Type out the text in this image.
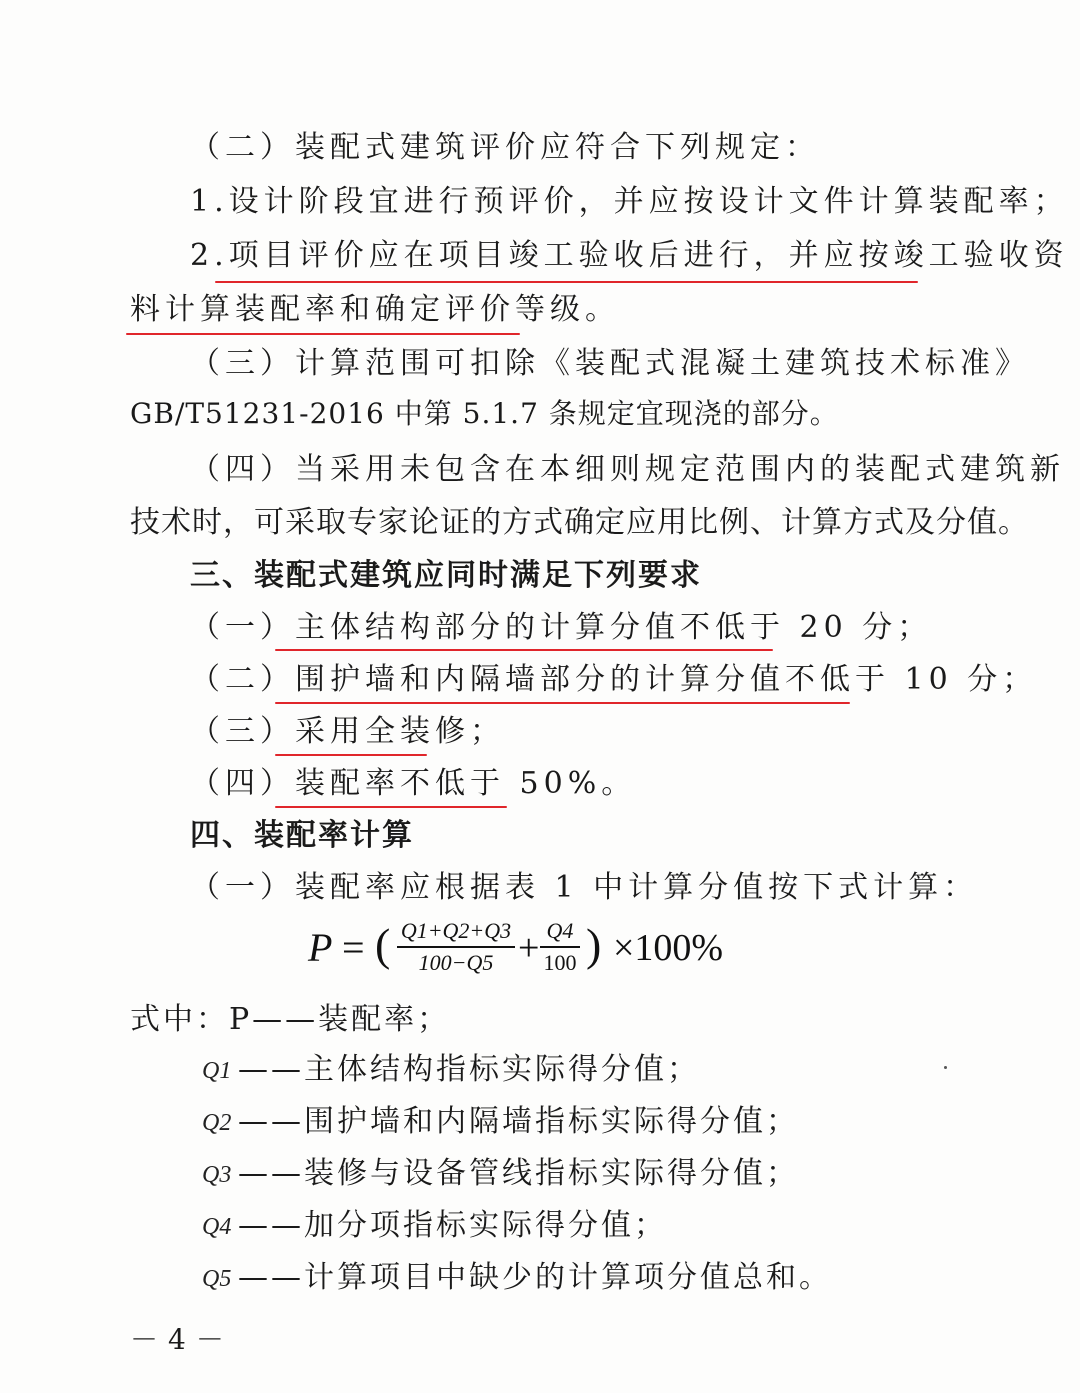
（二）装配式建筑评价应符合下列规定：
1.设计阶段宜进行预评价，并应按设计文件计算装配率；
2.项目评价应在项目竣工验收后进行，并应按竣工验收资
料计算装配率和确定评价等级。
（三）计算范围可扣除《装配式混凝土建筑技术标准》
GB/T51231-2016 中第 5.1.7 条规定宜现浇的部分。
（四）当采用未包含在本细则规定范围内的装配式建筑新
技术时，可采取专家论证的方式确定应用比例、计算方式及分值。
三、装配式建筑应同时满足下列要求
（一）主体结构部分的计算分值不低于 20 分；
（二）围护墙和内隔墙部分的计算分值不低于 10 分；
（三）采用全装修；
（四）装配率不低于 50%。
四、装配率计算
（一）装配率应根据表 1 中计算分值按下式计算：
P = ( Q1+Q2+Q3
100−Q5 + Q4
100 ) ×100%
式中：P——装配率；
Q1 ——主体结构指标实际得分值；
Q2 ——围护墙和内隔墙指标实际得分值；
Q3 ——装修与设备管线指标实际得分值；
Q4 ——加分项指标实际得分值；
Q5 ——计算项目中缺少的计算项分值总和。
－4－
